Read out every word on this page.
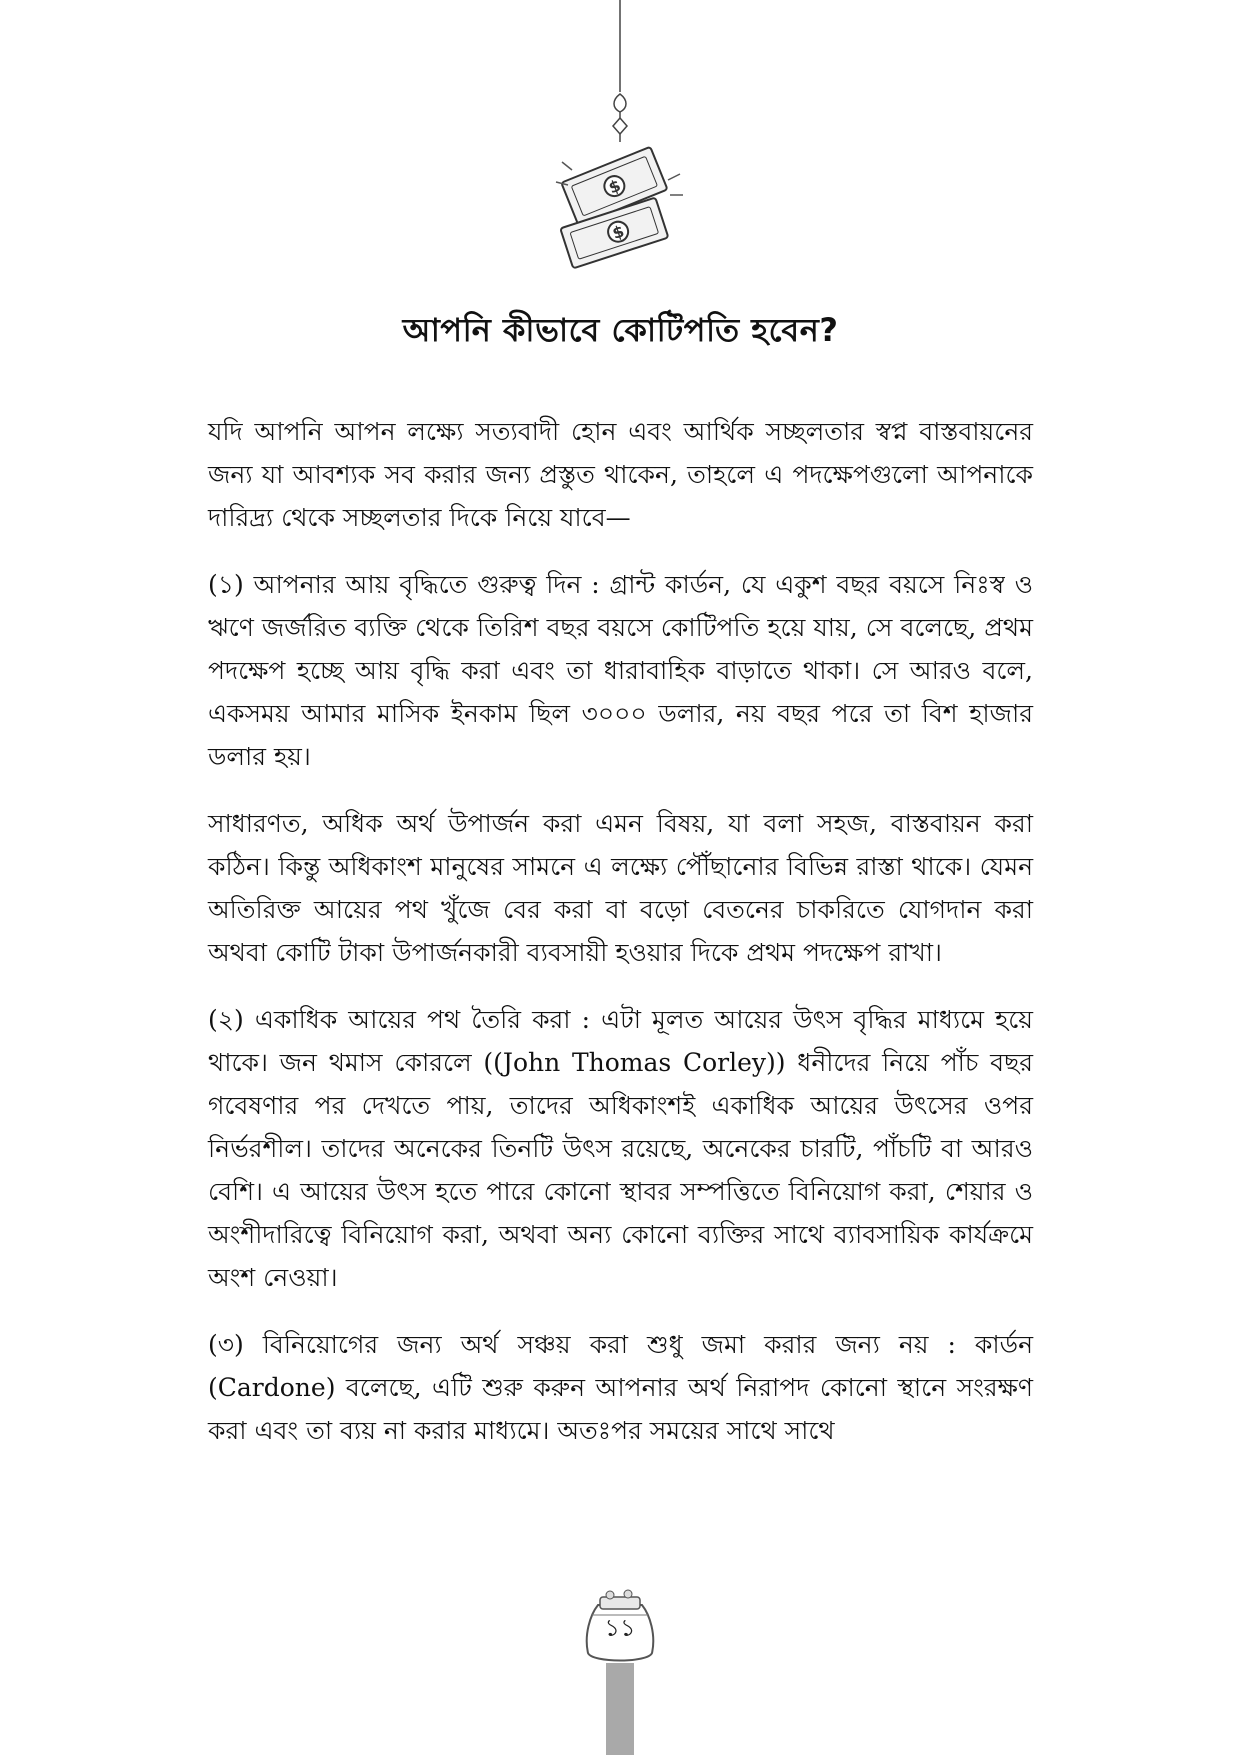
$
$
আপনি কীভাবে কোটিপতি হবেন?

যদি আপনি আপন লক্ষ্যে সত্যবাদী হোন এবং আর্থিক সচ্ছলতার স্বপ্ন বাস্তবায়নের জন্য যা আবশ্যক সব করার জন্য প্রস্তুত থাকেন, তাহলে এ পদক্ষেপগুলো আপনাকে দারিদ্র্য থেকে সচ্ছলতার দিকে নিয়ে যাবে—

(১) আপনার আয় বৃদ্ধিতে গুরুত্ব দিন : গ্রান্ট কার্ডন, যে একুশ বছর বয়সে নিঃস্ব ও ঋণে জর্জরিত ব্যক্তি থেকে তিরিশ বছর বয়সে কোটিপতি হয়ে যায়, সে বলেছে, প্রথম পদক্ষেপ হচ্ছে আয় বৃদ্ধি করা এবং তা ধারাবাহিক বাড়াতে থাকা। সে আরও বলে, একসময় আমার মাসিক ইনকাম ছিল ৩০০০ ডলার, নয় বছর পরে তা বিশ হাজার ডলার হয়।

সাধারণত, অধিক অর্থ উপার্জন করা এমন বিষয়, যা বলা সহজ, বাস্তবায়ন করা কঠিন। কিন্তু অধিকাংশ মানুষের সামনে এ লক্ষ্যে পৌঁছানোর বিভিন্ন রাস্তা থাকে। যেমন অতিরিক্ত আয়ের পথ খুঁজে বের করা বা বড়ো বেতনের চাকরিতে যোগদান করা অথবা কোটি টাকা উপার্জনকারী ব্যবসায়ী হওয়ার দিকে প্রথম পদক্ষেপ রাখা।

(২) একাধিক আয়ের পথ তৈরি করা : এটা মূলত আয়ের উৎস বৃদ্ধির মাধ্যমে হয়ে থাকে। জন থমাস কোরলে ((John Thomas Corley)) ধনীদের নিয়ে পাঁচ বছর গবেষণার পর দেখতে পায়, তাদের অধিকাংশই একাধিক আয়ের উৎসের ওপর নির্ভরশীল। তাদের অনেকের তিনটি উৎস রয়েছে, অনেকের চারটি, পাঁচটি বা আরও বেশি। এ আয়ের উৎস হতে পারে কোনো স্থাবর সম্পত্তিতে বিনিয়োগ করা, শেয়ার ও অংশীদারিত্বে বিনিয়োগ করা, অথবা অন্য কোনো ব্যক্তির সাথে ব্যাবসায়িক কার্যক্রমে অংশ নেওয়া।

(৩) বিনিয়োগের জন্য অর্থ সঞ্চয় করা শুধু জমা করার জন্য নয় : কার্ডন (Cardone) বলেছে, এটি শুরু করুন আপনার অর্থ নিরাপদ কোনো স্থানে সংরক্ষণ করা এবং তা ব্যয় না করার মাধ্যমে। অতঃপর সময়ের সাথে সাথে

১১
